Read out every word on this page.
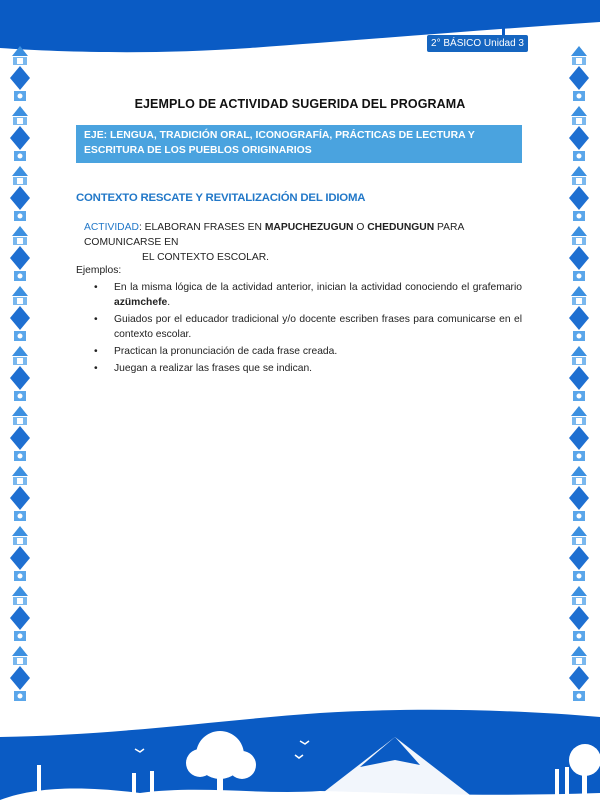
2° BÁSICO Unidad 3
EJEMPLO DE ACTIVIDAD SUGERIDA DEL PROGRAMA
EJE: LENGUA, TRADICIÓN ORAL, ICONOGRAFÍA, PRÁCTICAS DE LECTURA Y ESCRITURA DE LOS PUEBLOS ORIGINARIOS
CONTEXTO RESCATE Y REVITALIZACIÓN DEL IDIOMA
ACTIVIDAD: ELABORAN FRASES EN MAPUCHEZUGUN O CHEDUNGUN PARA COMUNICARSE EN
EL CONTEXTO ESCOLAR.
Ejemplos:
• En la misma lógica de la actividad anterior, inician la actividad conociendo el grafemario azümchefe.
• Guiados por el educador tradicional y/o docente escriben frases para comunicarse en el contexto escolar.
• Practican la pronunciación de cada frase creada.
• Juegan a realizar las frases que se indican.
